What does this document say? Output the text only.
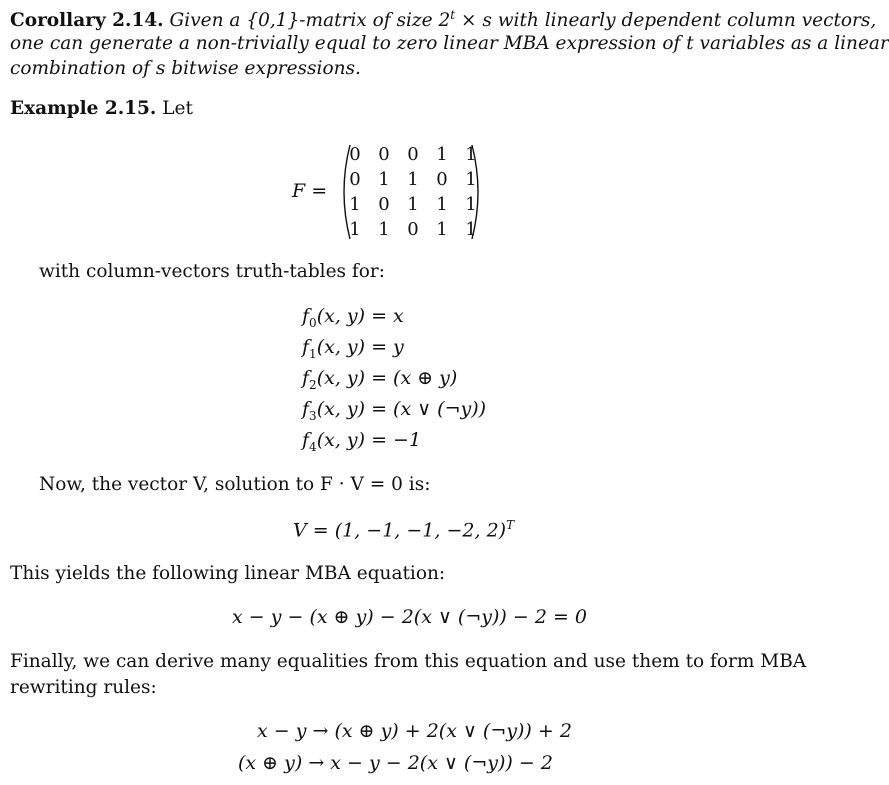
Corollary 2.14. Given a {0,1}-matrix of size $2^t \times s$ with linearly dependent column vectors,
one can generate a non-trivially equal to zero linear MBA expression of t variables as a linear
combination of s bitwise expressions.
Example 2.15. Let
F =
0 0 0 1 1
0 1 1 0 1
1 0 1 1 1
1 1 0 1 1
with column-vectors truth-tables for:
$f_0(x$, y) = x
$f_1(x$, y) = y
$f_2(x$, y) = (x ⊕ y)
$f_3(x$, y) = (x ∨ (¬y))
$f_4(x$, y) = −1
Now, the vector V, solution to F · V = 0 is:
V = (1, −1, −1, −2, 2)$^T$
This yields the following linear MBA equation:
x − y − (x ⊕ y) − 2(x ∨ (¬y)) − 2 = 0
Finally, we can derive many equalities from this equation and use them to form MBA
rewriting rules:
x − y → (x ⊕ y) + 2(x ∨ (¬y)) + 2
(x ⊕ y) → x − y − 2(x ∨ (¬y)) − 2
